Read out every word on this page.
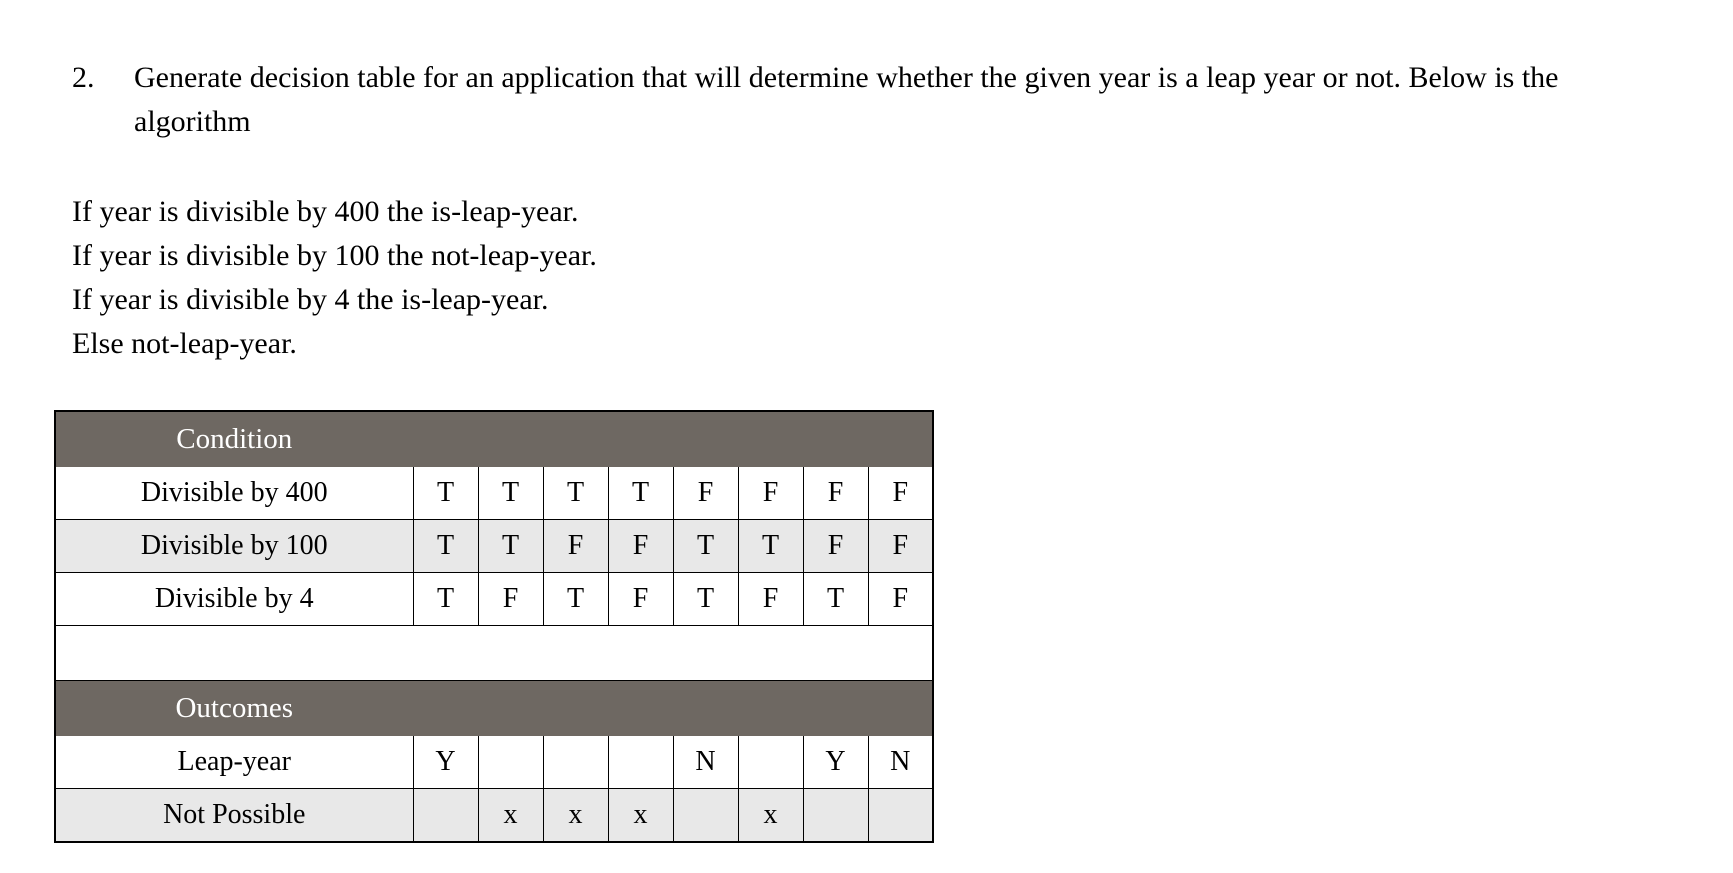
2.	Generate decision table for an application that will determine whether the given year is a leap year or not. Below is the algorithm
If year is divisible by 400 the is-leap-year.
If year is divisible by 100 the not-leap-year.
If year is divisible by 4 the is-leap-year.
Else not-leap-year.
Condition								
Divisible by 400	T	T	T	T	F	F	F	F
Divisible by 100	T	T	F	F	T	T	F	F
Divisible by 4	T	F	T	F	T	F	T	F

Outcomes								
Leap-year	Y				N		Y	N
Not Possible		x	x	x		x		
